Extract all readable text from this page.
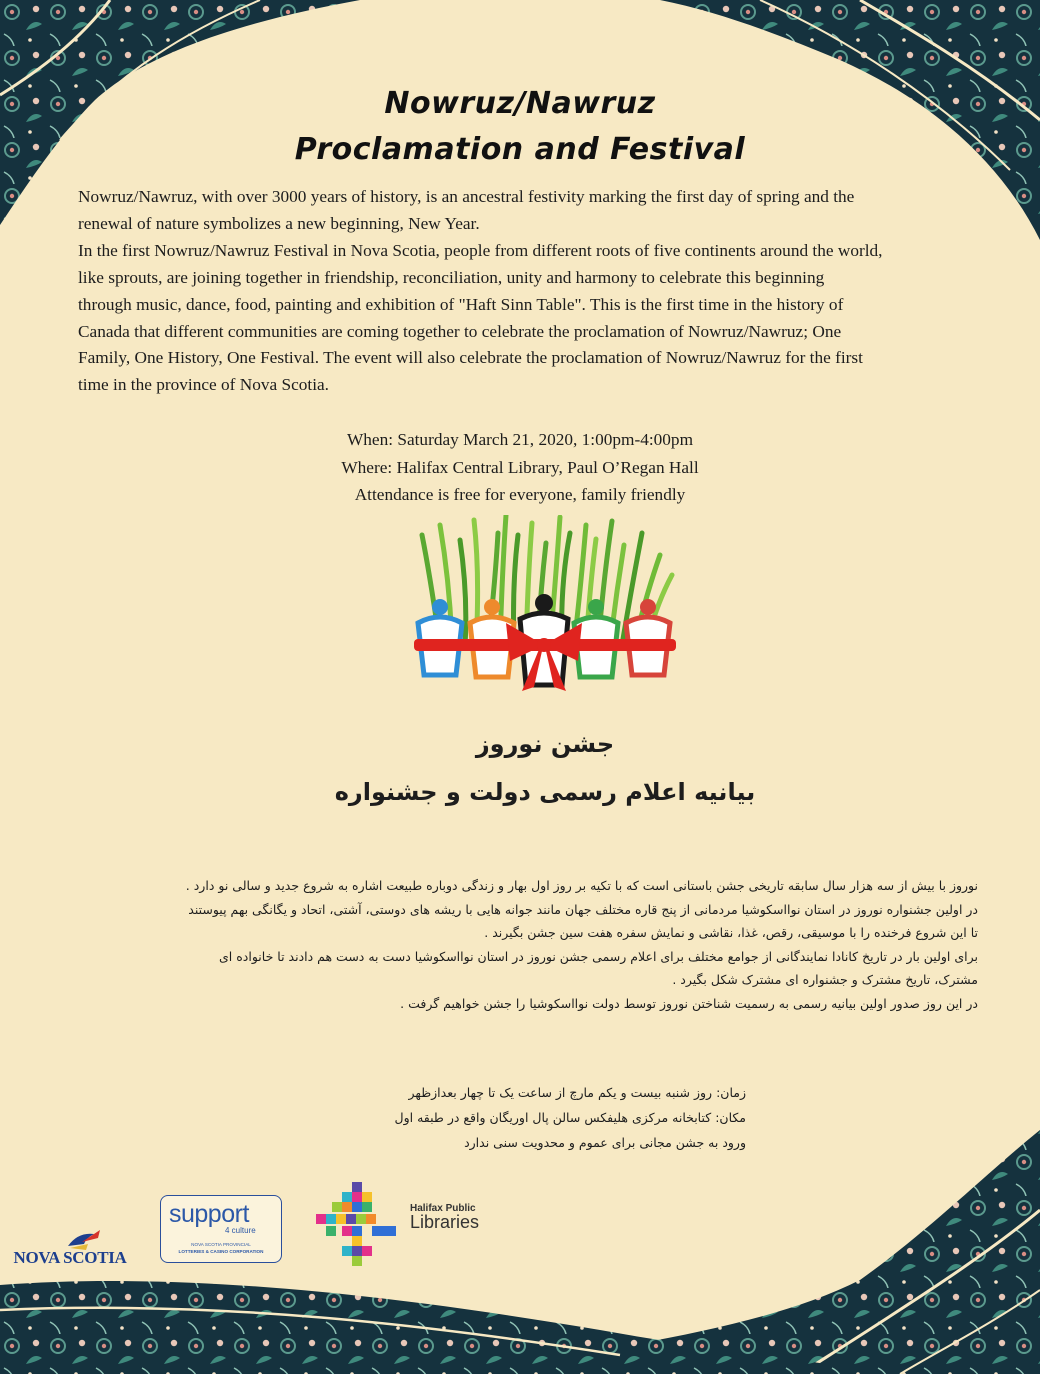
Nowruz/Nawruz
Proclamation and Festival

Nowruz/Nawruz, with over 3000 years of history, is an ancestral festivity marking the first day of spring and the

renewal of nature symbolizes a new beginning, New Year.

In the first Nowruz/Nawruz Festival in Nova Scotia, people from different roots of five continents around the world,

like sprouts, are joining together in friendship, reconciliation, unity and harmony to celebrate this beginning

through music, dance, food, painting and exhibition of "Haft Sinn Table". This is the first time in the history of

Canada that different communities are coming together to celebrate the proclamation of Nowruz/Nawruz; One

Family, One History, One Festival. The event will also celebrate the proclamation of Nowruz/Nawruz for the first

time in the province of Nova Scotia.

When: Saturday March 21, 2020, 1:00pm-4:00pm
Where: Halifax Central Library, Paul O’Regan Hall
Attendance is free for everyone, family friendly
جشن نوروز
بیانیه اعلام رسمی دولت و جشنواره
نوروز با بیش از سه هزار سال سابقه تاریخی جشن باستانی است که با تکیه بر روز اول بهار و زندگی دوباره طبیعت اشاره به شروع جدید و سالی نو دارد .
در اولین جشنواره نوروز در استان نوااسکوشیا مردمانی از پنج قاره مختلف جهان مانند جوانه هایی با ریشه های دوستی، آشتی، اتحاد و یگانگی بهم پیوستند
تا این شروع فرخنده را با موسیقی، رقص، غذا، نقاشی و نمایش سفره هفت سین جشن بگیرند .
برای اولین بار در تاریخ کانادا نمایندگانی از جوامع مختلف برای اعلام رسمی جشن نوروز در استان نوااسکوشیا دست به دست هم دادند تا خانواده ای
مشترک، تاریخ مشترک و جشنواره ای مشترک شکل بگیرد .
در این روز صدور اولین بیانیه رسمی به رسمیت شناختن نوروز توسط دولت نوااسکوشیا را جشن خواهیم گرفت .
زمان: روز شنبه بیست و یکم مارچ از ساعت یک تا چهار بعدازظهر
مکان: کتابخانه مرکزی هلیفکس سالن پال اوریگان واقع در طبقه اول
ورود به جشن مجانی برای عموم و محدویت سنی ندارد
NOVA SCOTIA
support
4 culture
NOVA SCOTIA PROVINCIAL
LOTTERIES & CASINO CORPORATION
Halifax Public
Libraries
